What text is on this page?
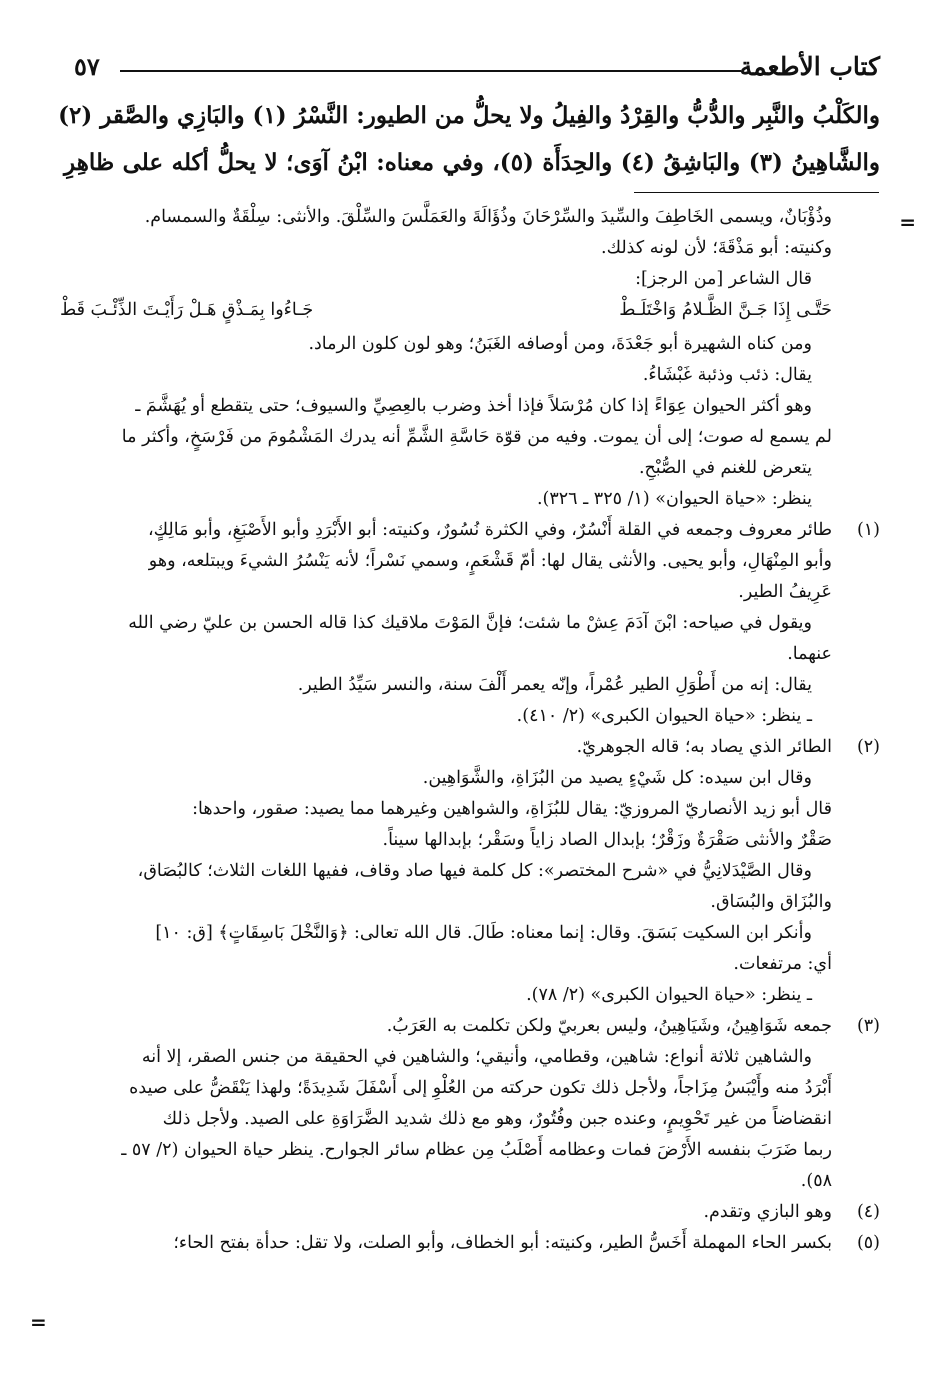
كتاب الأطعمة
٥٧
والكَلْبُ والنَّبِر والدُّبُّ والقِرْدُ والفِيلُ ولا يحلُّ من الطيور: النَّسْرُ (١) والبَازِي والصَّقر (٢)
والشَّاهِينُ (٣) والبَاشِقُ (٤) والحِدَأَة (٥)، وفي معناه: ابْنُ آوَى؛ لا يحلُّ أكله على ظاهِرِ
=
وذُؤْبَانٌ، ويسمى الخَاطِفَ والسِّيدَ والسِّرْحَانَ وذُؤَالَةَ والعَمَلَّسَ والسِّلْقَ. والأنثى: سِلْقَةٌ والسمسام.
وكنيته: أبو مَذْقَةَ؛ لأن لونه كذلك.
قال الشاعر [من الرجز]:
حَتَّـى إِذَا جَـنَّ الظَّـلامُ وَاخْتَلَـطْ
جَـاءُوا بِمَـذْقٍ هَـلْ رَأَيْـتَ الذِّئْـبَ قَطْ
ومن كناه الشهيرة أبو جَعْدَةَ، ومن أوصافه الغَبَنُ؛ وهو لون كلون الرماد.
يقال: ذئب وذئبة غَبْشَاءُ.
وهو أكثر الحيوان عِوَاءً إذا كان مُرْسَلاً فإذا أخذ وضرب بالعِصِيِّ والسيوف؛ حتى يتقطع أو يُهَشَّمَ ـ
لم يسمع له صوت؛ إلى أن يموت. وفيه من قوّة حَاسَّةِ الشَّمِّ أنه يدرك المَشْمُومَ من فَرْسَخٍ، وأكثر ما
يتعرض للغنم في الصُّبْحِ.
ينظر: «حياة الحيوان» (١/ ٣٢٥ ـ ٣٢٦).
(١)طائر معروف وجمعه في القلة أَنْسُرٌ، وفي الكثرة نُسُورٌ، وكنيته: أبو الأَبْرَدِ وأبو الأَصْبَغِ، وأبو مَالِكٍ،
وأبو المِنْهَالِ، وأبو يحيى. والأنثى يقال لها: أمّ قَشْعَمٍ، وسمي نَسْراً؛ لأنه يَنْسُرُ الشيءَ ويبتلعه، وهو
عَرِيفُ الطير.
ويقول في صياحه: ابْنَ آدَمَ عِشْ ما شئت؛ فإنَّ المَوْتَ ملاقيك كذا قاله الحسن بن عليّ رضي الله
عنهما.
يقال: إنه من أَطْوَلِ الطير عُمْراً، وإنّه يعمر أَلْفَ سنة، والنسر سَيِّدُ الطير.
ـ ينظر: «حياة الحيوان الكبرى» (٢/ ٤١٠).
(٢)الطائر الذي يصاد به؛ قاله الجوهريّ.
وقال ابن سيده: كل شَيْءٍ يصيد من البُزَاةِ، والشَّوَاهِين.
قال أبو زيد الأنصاريّ المروزيّ: يقال للبُزَاةِ، والشواهين وغيرهما مما يصيد: صقور، واحدها:
صَقْرٌ والأنثى صَقْرَةٌ وزَقْرٌ؛ بإبدال الصاد زاياً وسَقْر؛ بإبدالها سيناً.
وقال الصَّيْدَلانِيُّ في «شرح المختصر»: كل كلمة فيها صاد وقاف، ففيها اللغات الثلاث؛ كالبُصَاق،
والبُزَاق والبُسَاق.
وأنكر ابن السكيت بَسَقَ. وقال: إنما معناه: طَالَ. قال الله تعالى: ﴿وَالنَّخْلَ بَاسِقَاتٍ﴾ [ق: ١٠]
أي: مرتفعات.
ـ ينظر: «حياة الحيوان الكبرى» (٢/ ٧٨).
(٣)جمعه شَوَاهِينُ، وشَيَاهِينُ، وليس بعربيّ ولكن تكلمت به العَرَبُ.
والشاهين ثلاثة أنواع: شاهين، وقطامي، وأنيقي؛ والشاهين في الحقيقة من جنس الصقر، إلا أنه
أَبْرَدُ منه وأَيْبَسُ مِزَاجاً، ولأجل ذلك تكون حركته من العُلْوِ إلى أَسْفَلَ شَدِيدَةً؛ ولهذا يَنْقَضُّ على صيده
انقضاضاً من غير تَحْوِيمٍ، وعنده جبن وفُتُورٌ، وهو مع ذلك شديد الضَّرَاوَةِ على الصيد. ولأجل ذلك
ربما ضَرَبَ بنفسه الأَرْضَ فمات وعظامه أَصْلَبُ مِن عظام سائر الجوارح. ينظر حياة الحيوان (٢/ ٥٧ ـ
٥٨).
(٤)وهو البازي وتقدم.
(٥)بكسر الحاء المهملة أَخَسُّ الطير، وكنيته: أبو الخطاف، وأبو الصلت، ولا تقل: حدأة بفتح الحاء؛
=
